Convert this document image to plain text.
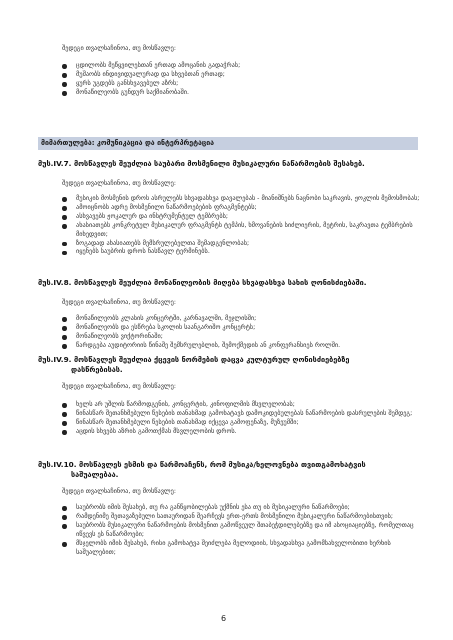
შედეგი თვალსაჩინოა, თუ მოსწავლე:
ცდილობს მეწყვილესთან ერთად ამოცანის გადაჭრას;
მუშაობს ინდივიდუალურად და სხვებთან ერთად;
ყურს უგდებს განსხვავებულ აზრს;
მონაწილეობს გუნდურ საქმიანობაში.
მიმართულება: კომუნიკაცია და ინტერპრეტაცია
მუს.IV.7. მოსწავლეს შეუძლია საუბარი მოსმენილი მუსიკალური ნაწარმოების შესახებ.
შედეგი თვალსაჩინოა, თუ მოსწავლე:
მუსიკის მოსმენის დროს ასრულებს სხვადასხვა დავალებას - მიანიშნებს ნაცნობი საკრავის, ჟოკლის მემოსმობას;
ამოიცნობს ადრე მოსმენილი ნაწარმოებების ფრაგმენტებს;
ასხვავებს ჟოკალურ და ინსტრუმენტულ ტემბრებს;
ახასიათებს კონკრეტულ მუსიკალურ ფრაგმენტს ტემპის, ხმოვანების სიძლიერის, მეტრის, საკრავთა ტემბრების მიხედვით;
ზოგადად ახასიათებს მემსრულებელთა შემადგენლობას;
იყენებს საუბრის დროს ნასწავლ ტერმინებს.
მუს.IV.8. მოსწავლეს შეუძლია მონაწილეობის მიღება სხვადასხვა სახის ღონისძიებაში.
შედეგი თვალსაჩინოა, თუ მოსწავლე:
მონაწილეობს კლასის კონცერტში, კარნავალში, მეჯლისში;
მონაწილეობს და ესწრება სკოლის საანგარიშო კონცერტს;
მონაწილეობს ვიქტორინაში;
წარდგება აუდიტორიის წინაშე შემსრულებლის, შემოქმედის ან კონფერანსიეს როლში.
მუს.IV.9. მოსწავლეს შეუძლია ქცევის ნორმების დაცვა კულტურულ ღონისძიებებზე
დასწრებისას.
შედეგი თვალსაჩინოა, თუ მოსწავლე:
ხელს არ უშლის წარმოდგენის, კონცერტის, კინოფილმის მსვლელობას;
წინასწარ შეთანხმებული წესების თანახმად გამოხატავს დამოკიდებულებას ნაწარმოების დასრულების შემდეგ;
წინასწარ შეთანხმებული წესების თანახმად იქცევა გამოფენაზე, მუზეუმში;
აცდის სხვებს აზრის გამოთქმას მსვლელობის დროს.
მუს.IV.10. მოსწავლეს ესმის და წარმოაჩენს, რომ მუსიკა/ხელოვნება თვითგამოხატვის
საშუალებაა.
შედეგი თვალსაჩინოა, თუ მოსწავლე:
საუბრობს იმის შესახებ, თუ რა განწყობილებას უქმნის ესა თუ ის მუსიკალური ნაწარმოები;
რამდენიმე შეთავაზებული სათაურიდან შეარჩევს ერთ-ერთს მოსმენილი მუსიკალური ნაწარმოებისთვის;
საუბრობს მუსიკალური ნაწარმოების მოსმენით გამოწვეულ შთაბეჭდილებებზე და იმ ასოციაციებზე, რომელთაც იწვევს ეს ნაწარმოები;
მსჯელობს იმის შესახებ, რისი გამოხატვა შეიძლება მელოდიის, სხვადასხვა გამომსახველობითი ხერხის საშუალებით;
6
